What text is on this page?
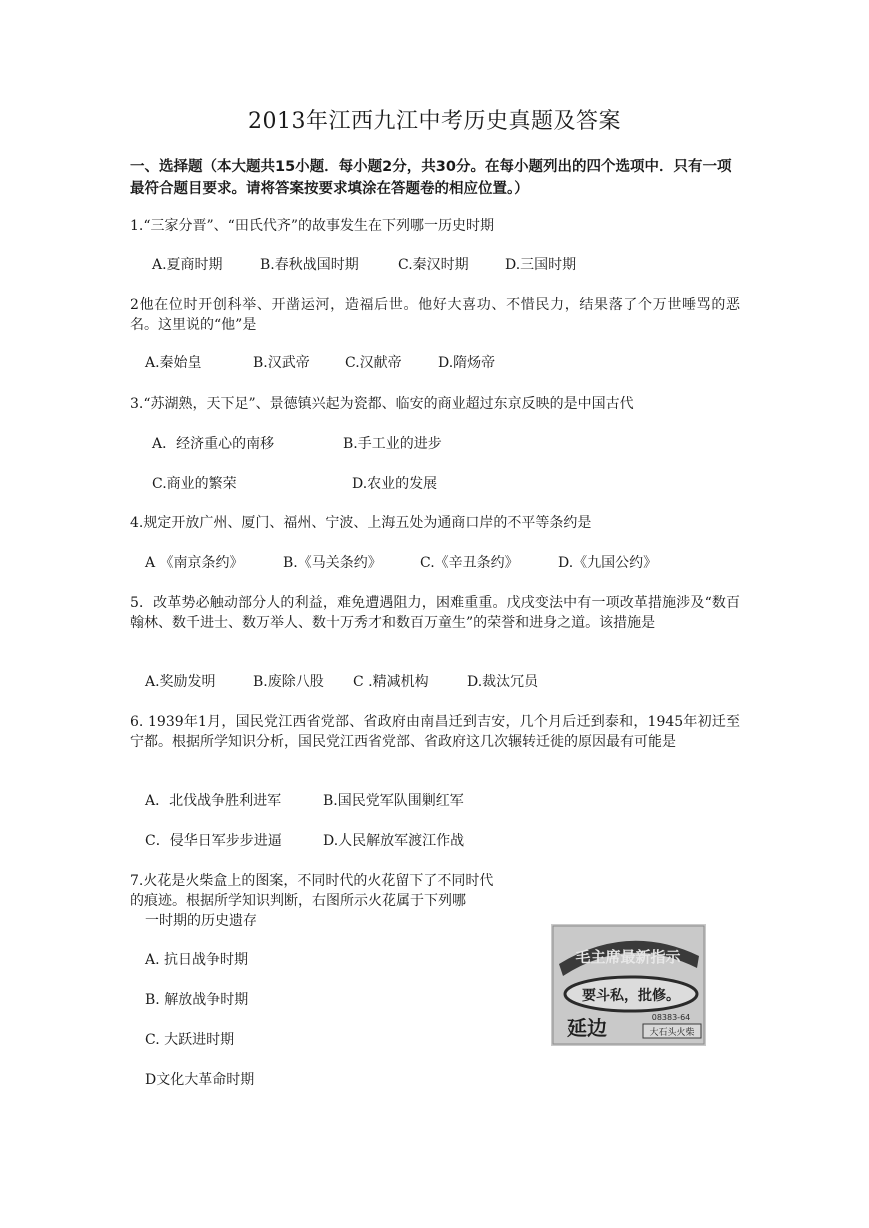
2013年江西九江中考历史真题及答案
一、选择题（本大题共15小题．每小题2分，共30分。在每小题列出的四个选项中．只有一项最符合题目要求。请将答案按要求填涂在答题卷的相应位置。）
1.“三家分晋”、“田氏代齐”的故事发生在下列哪一历史时期
A.夏商时期	B.春秋战国时期	C.秦汉时期	D.三国时期
2他在位时开创科举、开凿运河，造福后世。他好大喜功、不惜民力，结果落了个万世唾骂的恶名。这里说的“他”是
A.秦始皇	B.汉武帝	C.汉献帝	D.隋炀帝
3.“苏湖熟，天下足”、景德镇兴起为瓷都、临安的商业超过东京反映的是中国古代
A．经济重心的南移	B.手工业的进步
C.商业的繁荣	D.农业的发展
4.规定开放广州、厦门、福州、宁波、上海五处为通商口岸的不平等条约是
A 《南京条约》	B.《马关条约》	C.《辛丑条约》	D.《九国公约》
5．改革势必触动部分人的利益，难免遭遇阻力，困难重重。戊戌变法中有一项改革措施涉及“数百翰林、数千进士、数万举人、数十万秀才和数百万童生”的荣誉和进身之道。该措施是
A.奖励发明	B.废除八股 C .精减机构	D.裁汰冗员
6. 1939年1月，国民党江西省党部、省政府由南昌迁到吉安，几个月后迁到泰和，1945年初迁至宁都。根据所学知识分析，国民党江西省党部、省政府这几次辗转迁徙的原因最有可能是
A．北伐战争胜利进军	B.国民党军队围剿红军
C．侵华日军步步进逼	D.人民解放军渡江作战
7.火花是火柴盒上的图案，不同时代的火花留下了不同时代
的痕迹。根据所学知识判断，右图所示火花属于下列哪
一时期的历史遗存
A. 抗日战争时期
B. 解放战争时期
C. 大跃进时期
D文化大革命时期
毛主席最新指示
要斗私，批修。
延边	08383-64
大石头火柴
